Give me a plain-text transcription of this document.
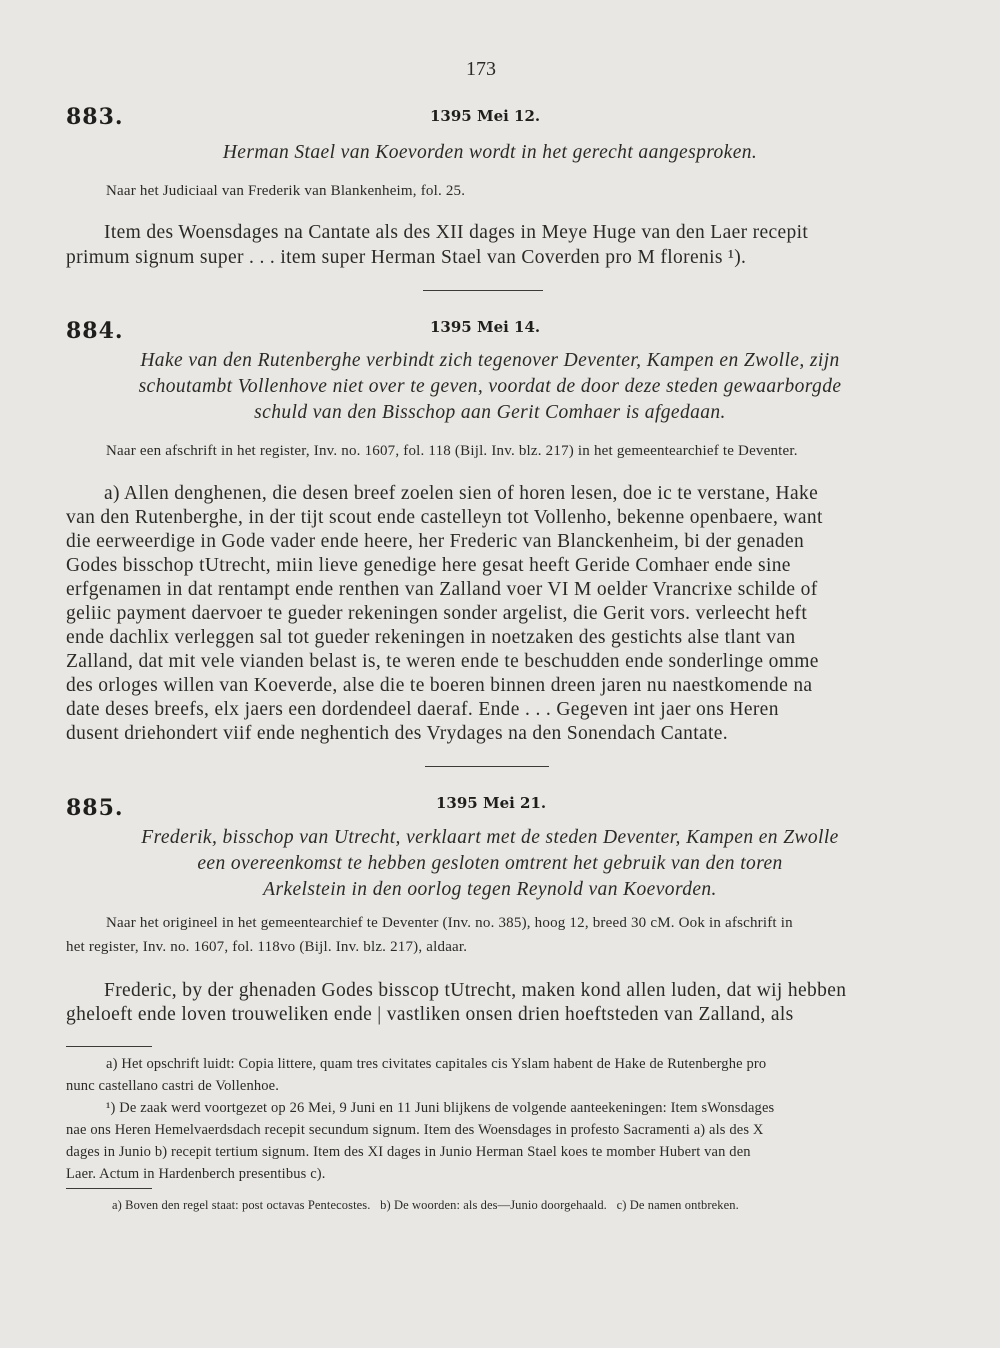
173
883.	1395 Mei 12.
Herman Stael van Koevorden wordt in het gerecht aangesproken.
Naar het Judiciaal van Frederik van Blankenheim, fol. 25.
Item des Woensdages na Cantate als des XII dages in Meye Huge van den Laer recepit
primum signum super . . . item super Herman Stael van Coverden pro M florenis ¹).
884.	1395 Mei 14.
Hake van den Rutenberghe verbindt zich tegenover Deventer, Kampen en Zwolle, zijn
schoutambt Vollenhove niet over te geven, voordat de door deze steden gewaarborgde
schuld van den Bisschop aan Gerit Comhaer is afgedaan.
Naar een afschrift in het register, Inv. no. 1607, fol. 118 (Bijl. Inv. blz. 217) in het gemeentearchief te Deventer.
a) Allen denghenen, die desen breef zoelen sien of horen lesen, doe ic te verstane, Hake
van den Rutenberghe, in der tijt scout ende castelleyn tot Vollenho, bekenne openbaere, want
die eerweerdige in Gode vader ende heere, her Frederic van Blanckenheim, bi der genaden
Godes bisschop tUtrecht, miin lieve genedige here gesat heeft Geride Comhaer ende sine
erfgenamen in dat rentampt ende renthen van Zalland voer VI M oelder Vrancrixe schilde of
geliic payment daervoer te gueder rekeningen sonder argelist, die Gerit vors. verleecht heft
ende dachlix verleggen sal tot gueder rekeningen in noetzaken des gestichts alse tlant van
Zalland, dat mit vele vianden belast is, te weren ende te beschudden ende sonderlinge omme
des orloges willen van Koeverde, alse die te boeren binnen dreen jaren nu naestkomende na
date deses breefs, elx jaers een dordendeel daeraf. Ende . . . Gegeven int jaer ons Heren
dusent driehondert viif ende neghentich des Vrydages na den Sonendach Cantate.
885.	1395 Mei 21.
Frederik, bisschop van Utrecht, verklaart met de steden Deventer, Kampen en Zwolle
een overeenkomst te hebben gesloten omtrent het gebruik van den toren
Arkelstein in den oorlog tegen Reynold van Koevorden.
Naar het origineel in het gemeentearchief te Deventer (Inv. no. 385), hoog 12, breed 30 cM. Ook in afschrift in
het register, Inv. no. 1607, fol. 118vo (Bijl. Inv. blz. 217), aldaar.
Frederic, by der ghenaden Godes bisscop tUtrecht, maken kond allen luden, dat wij hebben
gheloeft ende loven trouweliken ende | vastliken onsen drien hoeftsteden van Zalland, als
a) Het opschrift luidt: Copia littere, quam tres civitates capitales cis Yslam habent de Hake de Rutenberghe pro
nunc castellano castri de Vollenhoe.
¹) De zaak werd voortgezet op 26 Mei, 9 Juni en 11 Juni blijkens de volgende aanteekeningen: Item sWonsdages
nae ons Heren Hemelvaerdsdach recepit secundum signum. Item des Woensdages in profesto Sacramenti a) als des X
dages in Junio b) recepit tertium signum. Item des XI dages in Junio Herman Stael koes te momber Hubert van den
Laer. Actum in Hardenberch presentibus c).
a) Boven den regel staat: post octavas Pentecostes.   b) De woorden: als des—Junio doorgehaald.   c) De namen ontbreken.
